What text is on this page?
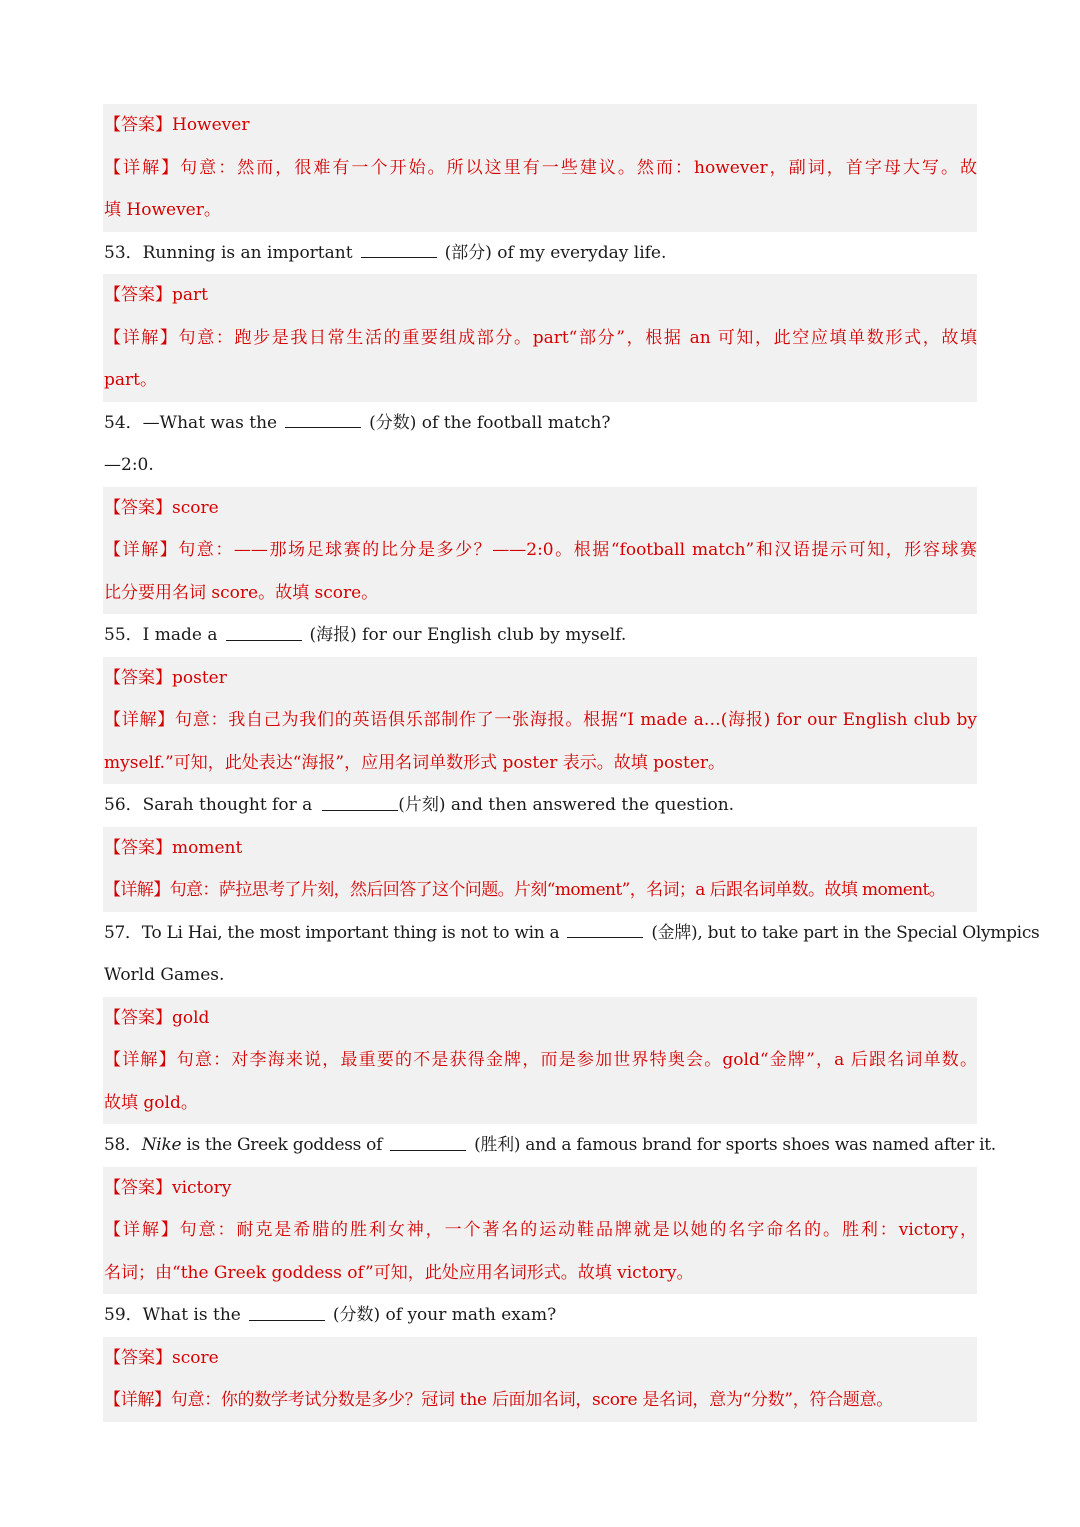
【答案】However
【详解】句意：然而，很难有一个开始。所以这里有一些建议。然而：however，副词，首字母大写。故
填 However。
53．Running is an important	(部分) of my everyday life.
【答案】part
【详解】句意：跑步是我日常生活的重要组成部分。part“部分”，根据 an 可知，此空应填单数形式，故填
part。
54．—What was the	(分数) of the football match?
—2:0.
【答案】score
【详解】句意：——那场足球赛的比分是多少？——2:0。根据“football match”和汉语提示可知，形容球赛
比分要用名词 score。故填 score。
55．I made a	(海报) for our English club by myself.
【答案】poster
【详解】句意：我自己为我们的英语俱乐部制作了一张海报。根据“I made a…(海报) for our English club by
myself.”可知，此处表达“海报”，应用名词单数形式 poster 表示。故填 poster。
56．Sarah thought for a	(片刻) and then answered the question.
【答案】moment
【详解】句意：萨拉思考了片刻，然后回答了这个问题。片刻“moment”，名词；a 后跟名词单数。故填 moment。
57．To Li Hai, the most important thing is not to win a	(金牌), but to take part in the Special Olympics
World Games.
【答案】gold
【详解】句意：对李海来说，最重要的不是获得金牌，而是参加世界特奥会。gold“金牌”，a 后跟名词单数。
故填 gold。
58．Nike is the Greek goddess of	(胜利) and a famous brand for sports shoes was named after it.
【答案】victory
【详解】句意：耐克是希腊的胜利女神，一个著名的运动鞋品牌就是以她的名字命名的。胜利：victory，
名词；由“the Greek goddess of”可知，此处应用名词形式。故填 victory。
59．What is the	(分数) of your math exam?
【答案】score
【详解】句意：你的数学考试分数是多少？冠词 the 后面加名词，score 是名词，意为“分数”，符合题意。
